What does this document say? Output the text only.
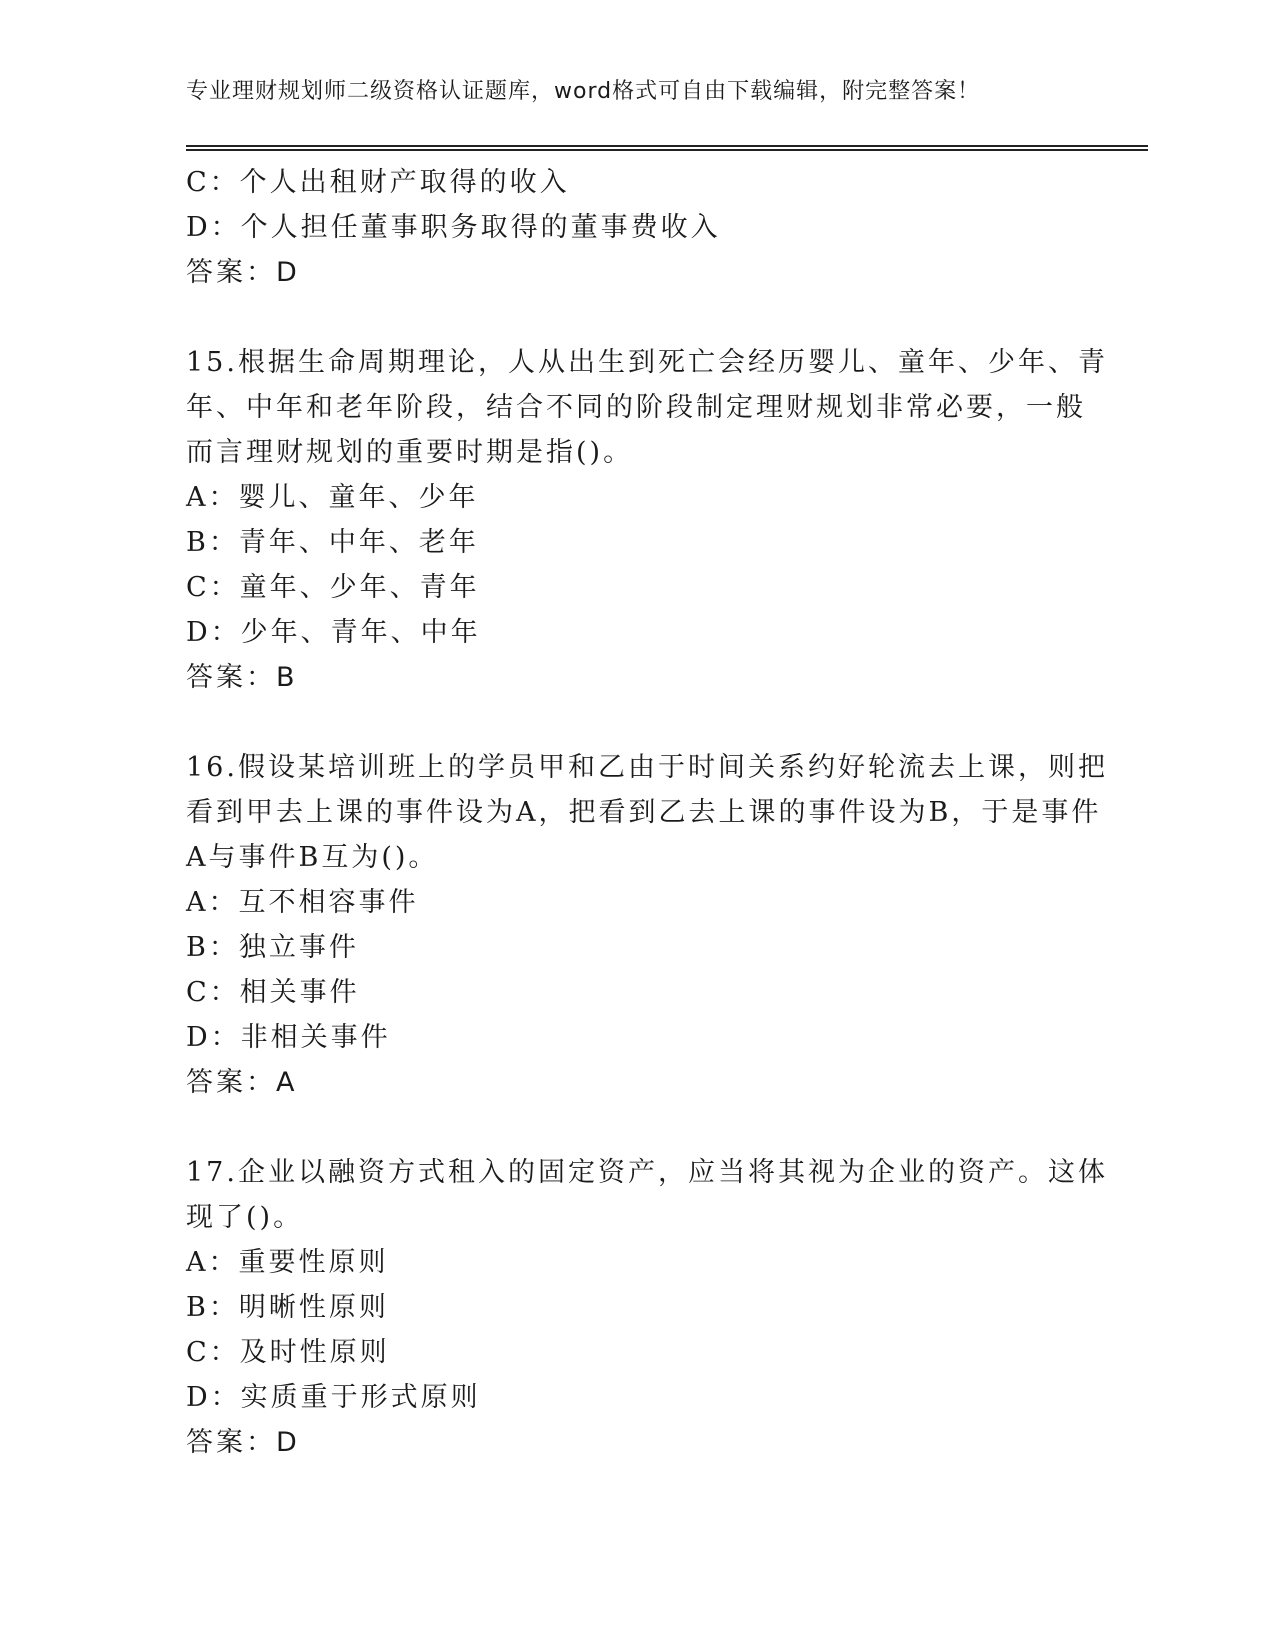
专业理财规划师二级资格认证题库，word格式可自由下载编辑，附完整答案！
C：个人出租财产取得的收入
D：个人担任董事职务取得的董事费收入
答案：D
15.根据生命周期理论，人从出生到死亡会经历婴儿、童年、少年、青
年、中年和老年阶段，结合不同的阶段制定理财规划非常必要，一般
而言理财规划的重要时期是指()。
A：婴儿、童年、少年
B：青年、中年、老年
C：童年、少年、青年
D：少年、青年、中年
答案：B
16.假设某培训班上的学员甲和乙由于时间关系约好轮流去上课，则把
看到甲去上课的事件设为A，把看到乙去上课的事件设为B，于是事件
A与事件B互为()。
A：互不相容事件
B：独立事件
C：相关事件
D：非相关事件
答案：A
17.企业以融资方式租入的固定资产，应当将其视为企业的资产。这体
现了()。
A：重要性原则
B：明晰性原则
C：及时性原则
D：实质重于形式原则
答案：D
